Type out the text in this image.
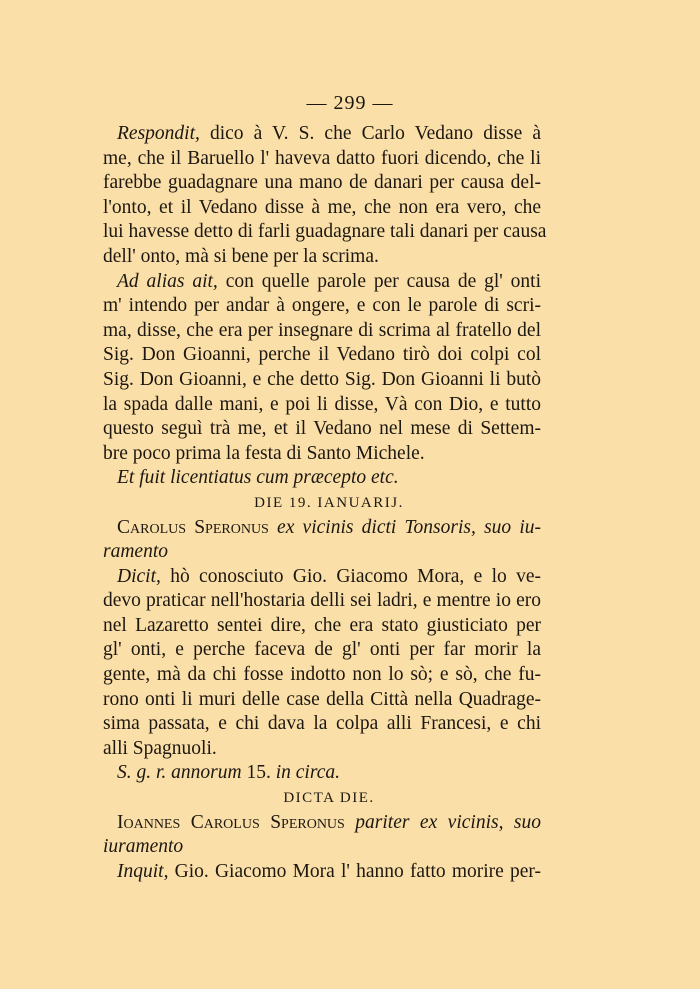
— 299 —
Respondit, dico à V. S. che Carlo Vedano disse à
me, che il Baruello l' haveva datto fuori dicendo, che li
farebbe guadagnare una mano de danari per causa del-
l'onto, et il Vedano disse à me, che non era vero, che
lui havesse detto di farli guadagnare tali danari per causa
dell' onto, mà si bene per la scrima.
Ad alias ait, con quelle parole per causa de gl' onti
m' intendo per andar à ongere, e con le parole di scri-
ma, disse, che era per insegnare di scrima al fratello del
Sig. Don Gioanni, perche il Vedano tirò doi colpi col
Sig. Don Gioanni, e che detto Sig. Don Gioanni li butò
la spada dalle mani, e poi li disse, Và con Dio, e tutto
questo seguì trà me, et il Vedano nel mese di Settem-
bre poco prima la festa di Santo Michele.
Et fuit licentiatus cum præcepto etc.
DIE 19. IANUARIJ.
Carolus Speronus ex vicinis dicti Tonsoris, suo iu-
ramento
Dicit, hò conosciuto Gio. Giacomo Mora, e lo ve-
devo praticar nell'hostaria delli sei ladri, e mentre io ero
nel Lazaretto sentei dire, che era stato giusticiato per
gl' onti, e perche faceva de gl' onti per far morir la
gente, mà da chi fosse indotto non lo sò; e sò, che fu-
rono onti li muri delle case della Città nella Quadrage-
sima passata, e chi dava la colpa alli Francesi, e chi
alli Spagnuoli.
S. g. r. annorum 15. in circa.
DICTA DIE.
Ioannes Carolus Speronus pariter ex vicinis, suo
iuramento
Inquit, Gio. Giacomo Mora l' hanno fatto morire per-
